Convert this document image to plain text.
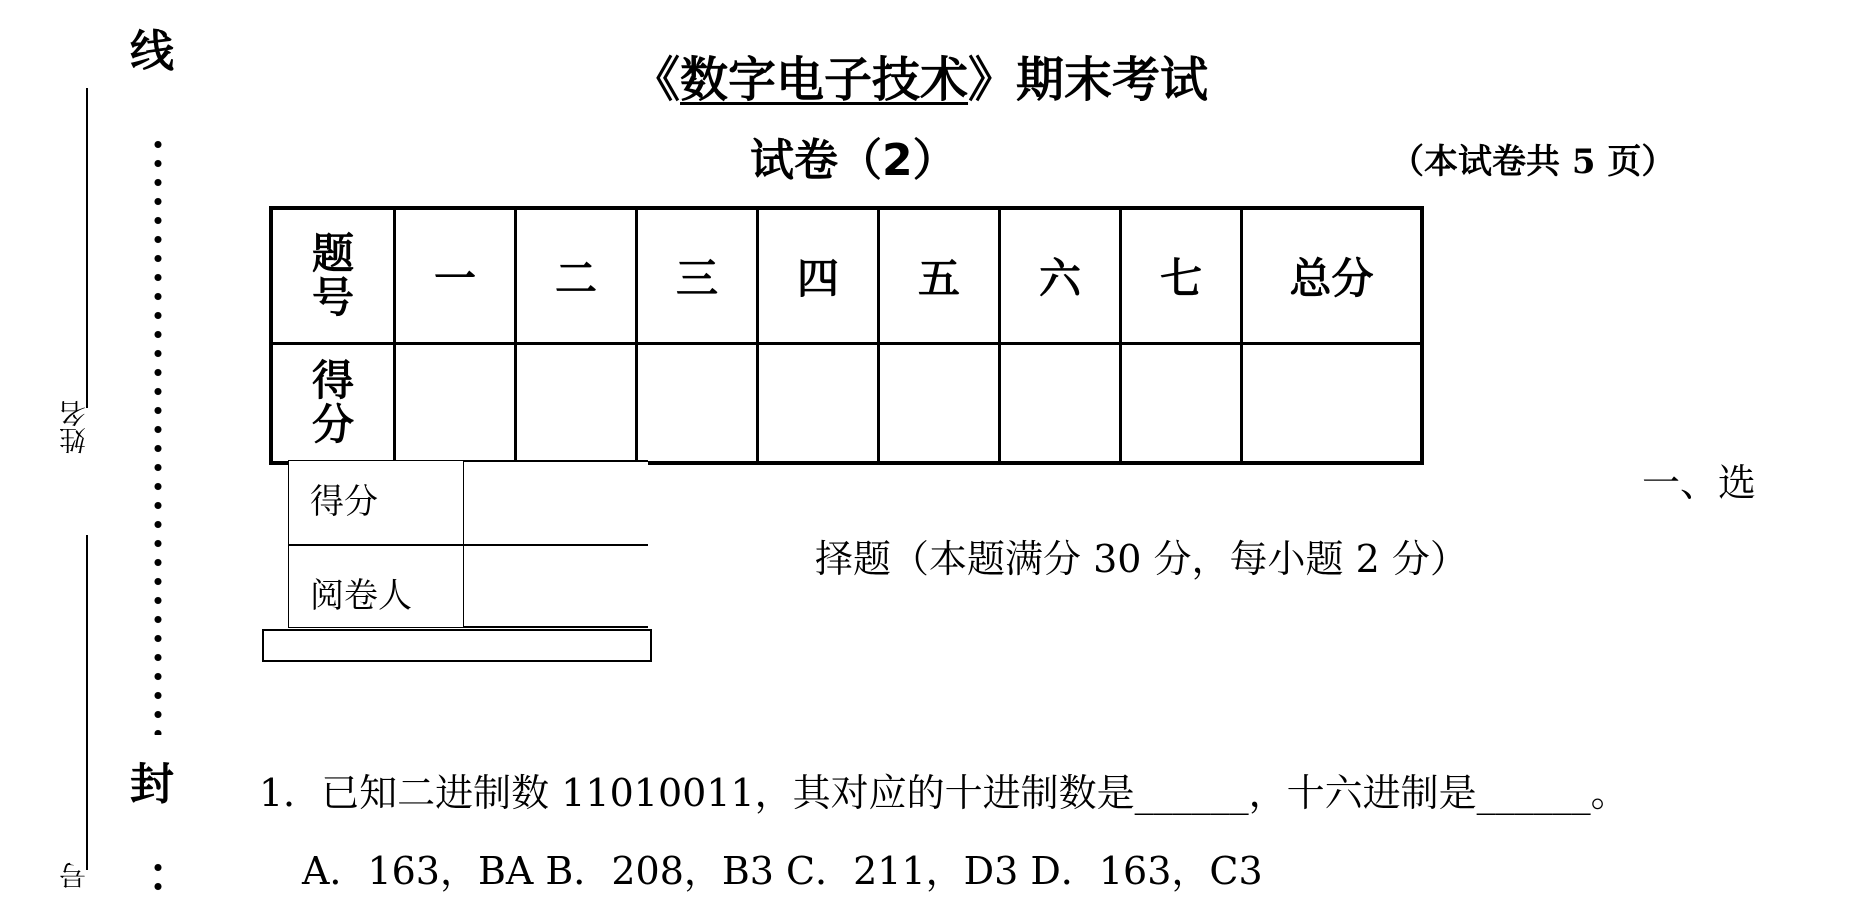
线
封
姓名
号
《数字电子技术》期末考试
试卷（2）	（本试卷共 5 页）
题号	一	二	三	四	五	六	七	总分
得分								
得分
阅卷人
一、选
择题（本题满分 30 分，每小题 2 分）
1．已知二进制数 11010011，其对应的十进制数是______，十六进制是______。
A．163，BA B．208，B3 C．211，D3 D．163，C3
